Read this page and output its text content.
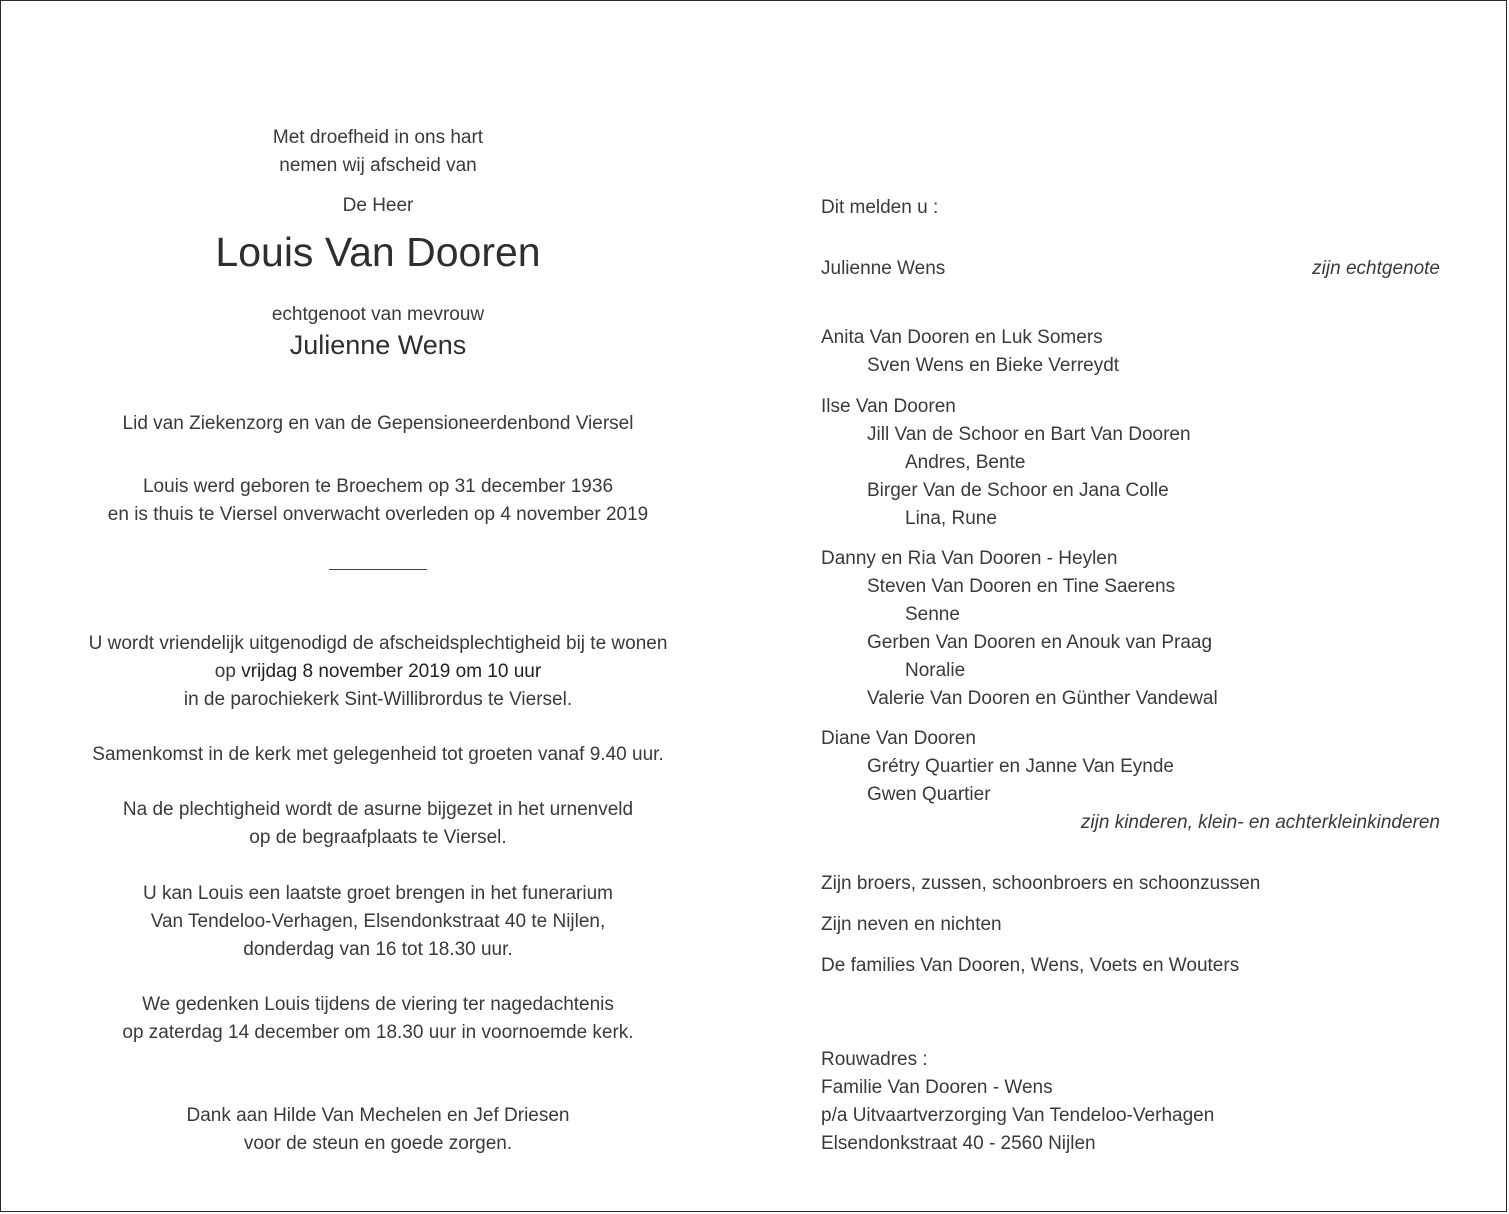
Met droefheid in ons hart
nemen wij afscheid van
De Heer
Louis Van Dooren
echtgenoot van mevrouw
Julienne Wens
Lid van Ziekenzorg en van de Gepensioneerdenbond Viersel
Louis werd geboren te Broechem op 31 december 1936
en is thuis te Viersel onverwacht overleden op 4 november 2019
U wordt vriendelijk uitgenodigd de afscheidsplechtigheid bij te wonen
op vrijdag 8 november 2019 om 10 uur
in de parochiekerk Sint-Willibrordus te Viersel.
Samenkomst in de kerk met gelegenheid tot groeten vanaf 9.40 uur.
Na de plechtigheid wordt de asurne bijgezet in het urnenveld
op de begraafplaats te Viersel.
U kan Louis een laatste groet brengen in het funerarium
Van Tendeloo-Verhagen, Elsendonkstraat 40 te Nijlen,
donderdag van 16 tot 18.30 uur.
We gedenken Louis tijdens de viering ter nagedachtenis
op zaterdag 14 december om 18.30 uur in voornoemde kerk.
Dank aan Hilde Van Mechelen en Jef Driesen
voor de steun en goede zorgen.
Dit melden u :
Julienne Wens	zijn echtgenote
Anita Van Dooren en Luk Somers
Sven Wens en Bieke Verreydt
Ilse Van Dooren
Jill Van de Schoor en Bart Van Dooren
Andres, Bente
Birger Van de Schoor en Jana Colle
Lina, Rune
Danny en Ria Van Dooren - Heylen
Steven Van Dooren en Tine Saerens
Senne
Gerben Van Dooren en Anouk van Praag
Noralie
Valerie Van Dooren en Günther Vandewal
Diane Van Dooren
Grétry Quartier en Janne Van Eynde
Gwen Quartier
zijn kinderen, klein- en achterkleinkinderen
Zijn broers, zussen, schoonbroers en schoonzussen
Zijn neven en nichten
De families Van Dooren, Wens, Voets en Wouters
Rouwadres :
Familie Van Dooren - Wens
p/a Uitvaartverzorging Van Tendeloo-Verhagen
Elsendonkstraat 40 - 2560 Nijlen
